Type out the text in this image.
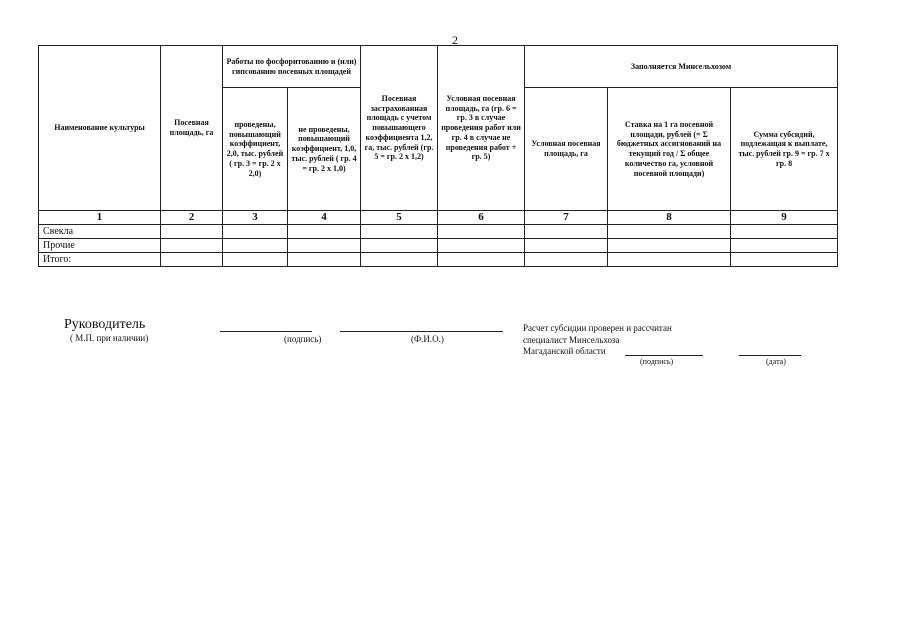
2
Наименование культуры	Посевная площадь, га	Работы по фосфоритованию и (или) гипсованию посевных площадей		Посевная застрахованная площадь с учетом повышающего коэффициента 1,2, га, тыс. рублей (гр. 5 = гр. 2 х 1,2)	Условная посевная площадь, га (гр. 6 = гр. 3 в случае проведения работ или гр. 4 в случае не проведения работ + гр. 5)	Заполняется Минсельхозом		
		проведены, повышающий коэффициент, 2,0, тыс. рублей ( гр. 3 = гр. 2 х 2,0)	не проведены, повышающий коэффициент, 1,0, тыс. рублей ( гр. 4 = гр. 2 х 1,0)			Условная посевная площадь, га	Ставка на 1 га посевной площади, рублей (= Σ бюджетных ассигнований на текущий год / Σ общее количество га, условной посевной площади)	Сумма субсидий, подлежащая к выплате, тыс. рублей гр. 9 = гр. 7 х гр. 8
1	2	3	4	5	6	7	8	9
Свекла								
Прочие								
Итого:								
Руководитель
( М.П. при наличии)	(подпись)	(Ф.И.О.)
Расчет субсидии проверен и рассчитан
специалист Минсельхоза
Магаданской области
(подпись)	(дата)
